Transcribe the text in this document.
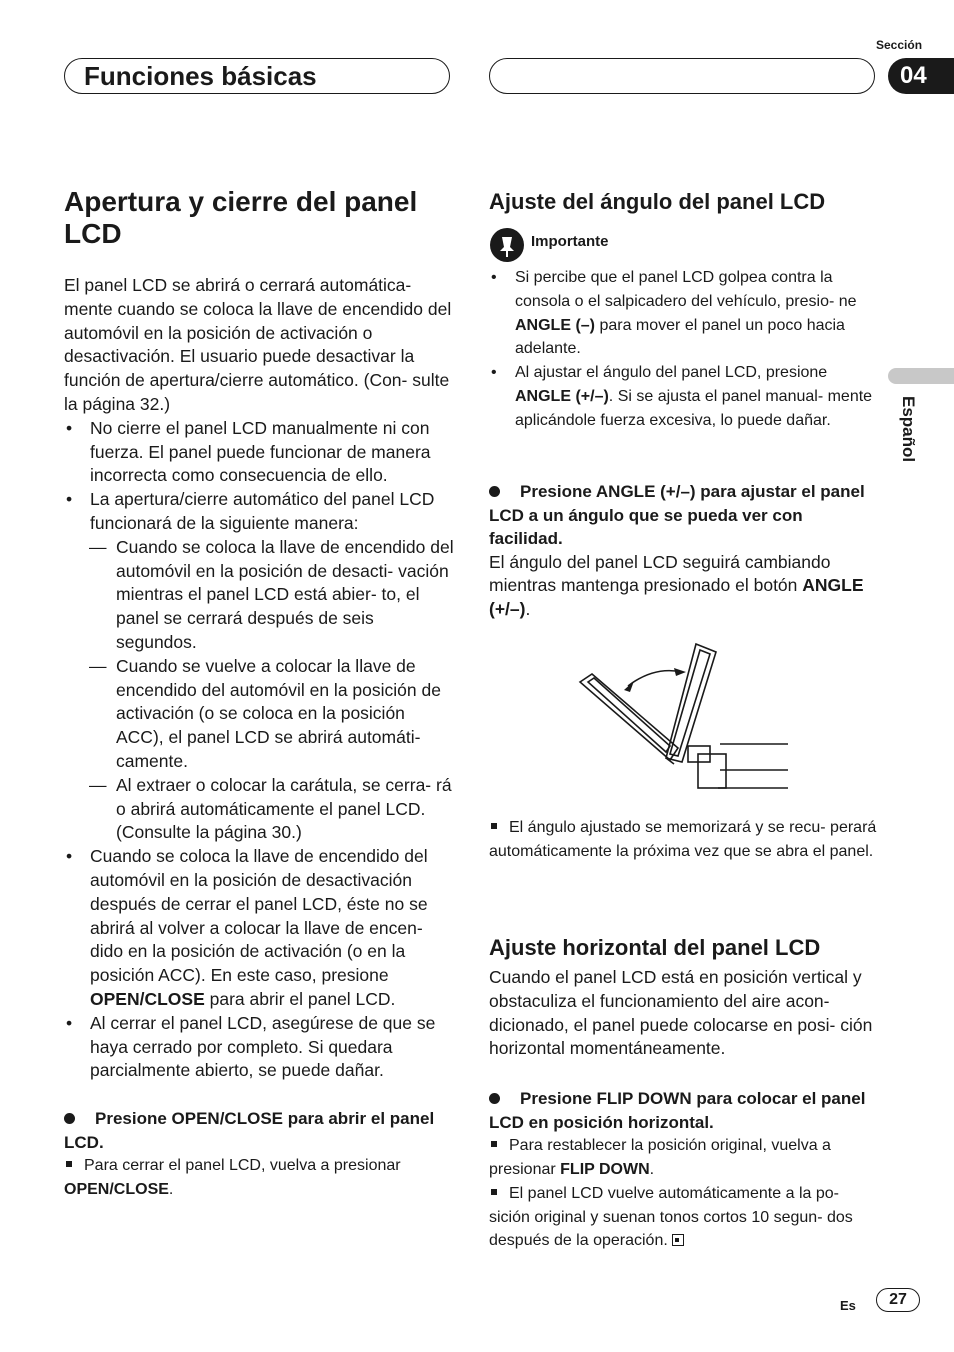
Sección
Funciones básicas	04
Español
Apertura y cierre del panel LCD
El panel LCD se abrirá o cerrará automática- mente cuando se coloca la llave de encendido del automóvil en la posición de activación o desactivación. El usuario puede desactivar la función de apertura/cierre automático. (Con- sulte la página 32.)
• No cierre el panel LCD manualmente ni con fuerza. El panel puede funcionar de manera incorrecta como consecuencia de ello.
• La apertura/cierre automático del panel LCD funcionará de la siguiente manera:
— Cuando se coloca la llave de encendido del automóvil en la posición de desacti- vación mientras el panel LCD está abier- to, el panel se cerrará después de seis segundos.
— Cuando se vuelve a colocar la llave de encendido del automóvil en la posición de activación (o se coloca en la posición ACC), el panel LCD se abrirá automáti- camente.
— Al extraer o colocar la carátula, se cerra- rá o abrirá automáticamente el panel LCD. (Consulte la página 30.)
• Cuando se coloca la llave de encendido del automóvil en la posición de desactivación después de cerrar el panel LCD, éste no se abrirá al volver a colocar la llave de encen- dido en la posición de activación (o en la posición ACC). En este caso, presione OPEN/CLOSE para abrir el panel LCD.
• Al cerrar el panel LCD, asegúrese de que se haya cerrado por completo. Si quedara parcialmente abierto, se puede dañar.
Presione OPEN/CLOSE para abrir el panel LCD.
Para cerrar el panel LCD, vuelva a presionar OPEN/CLOSE.
Ajuste del ángulo del panel LCD
Importante
• Si percibe que el panel LCD golpea contra la consola o el salpicadero del vehículo, presio- ne ANGLE (–) para mover el panel un poco hacia adelante.
• Al ajustar el ángulo del panel LCD, presione ANGLE (+/–). Si se ajusta el panel manual- mente aplicándole fuerza excesiva, lo puede dañar.
Presione ANGLE (+/–) para ajustar el panel LCD a un ángulo que se pueda ver con facilidad.
El ángulo del panel LCD seguirá cambiando mientras mantenga presionado el botón ANGLE (+/–).
El ángulo ajustado se memorizará y se recu- perará automáticamente la próxima vez que se abra el panel.
Ajuste horizontal del panel LCD
Cuando el panel LCD está en posición vertical y obstaculiza el funcionamiento del aire acon- dicionado, el panel puede colocarse en posi- ción horizontal momentáneamente.
Presione FLIP DOWN para colocar el panel LCD en posición horizontal.
Para restablecer la posición original, vuelva a presionar FLIP DOWN.
El panel LCD vuelve automáticamente a la po- sición original y suenan tonos cortos 10 segun- dos después de la operación.
Es	27
